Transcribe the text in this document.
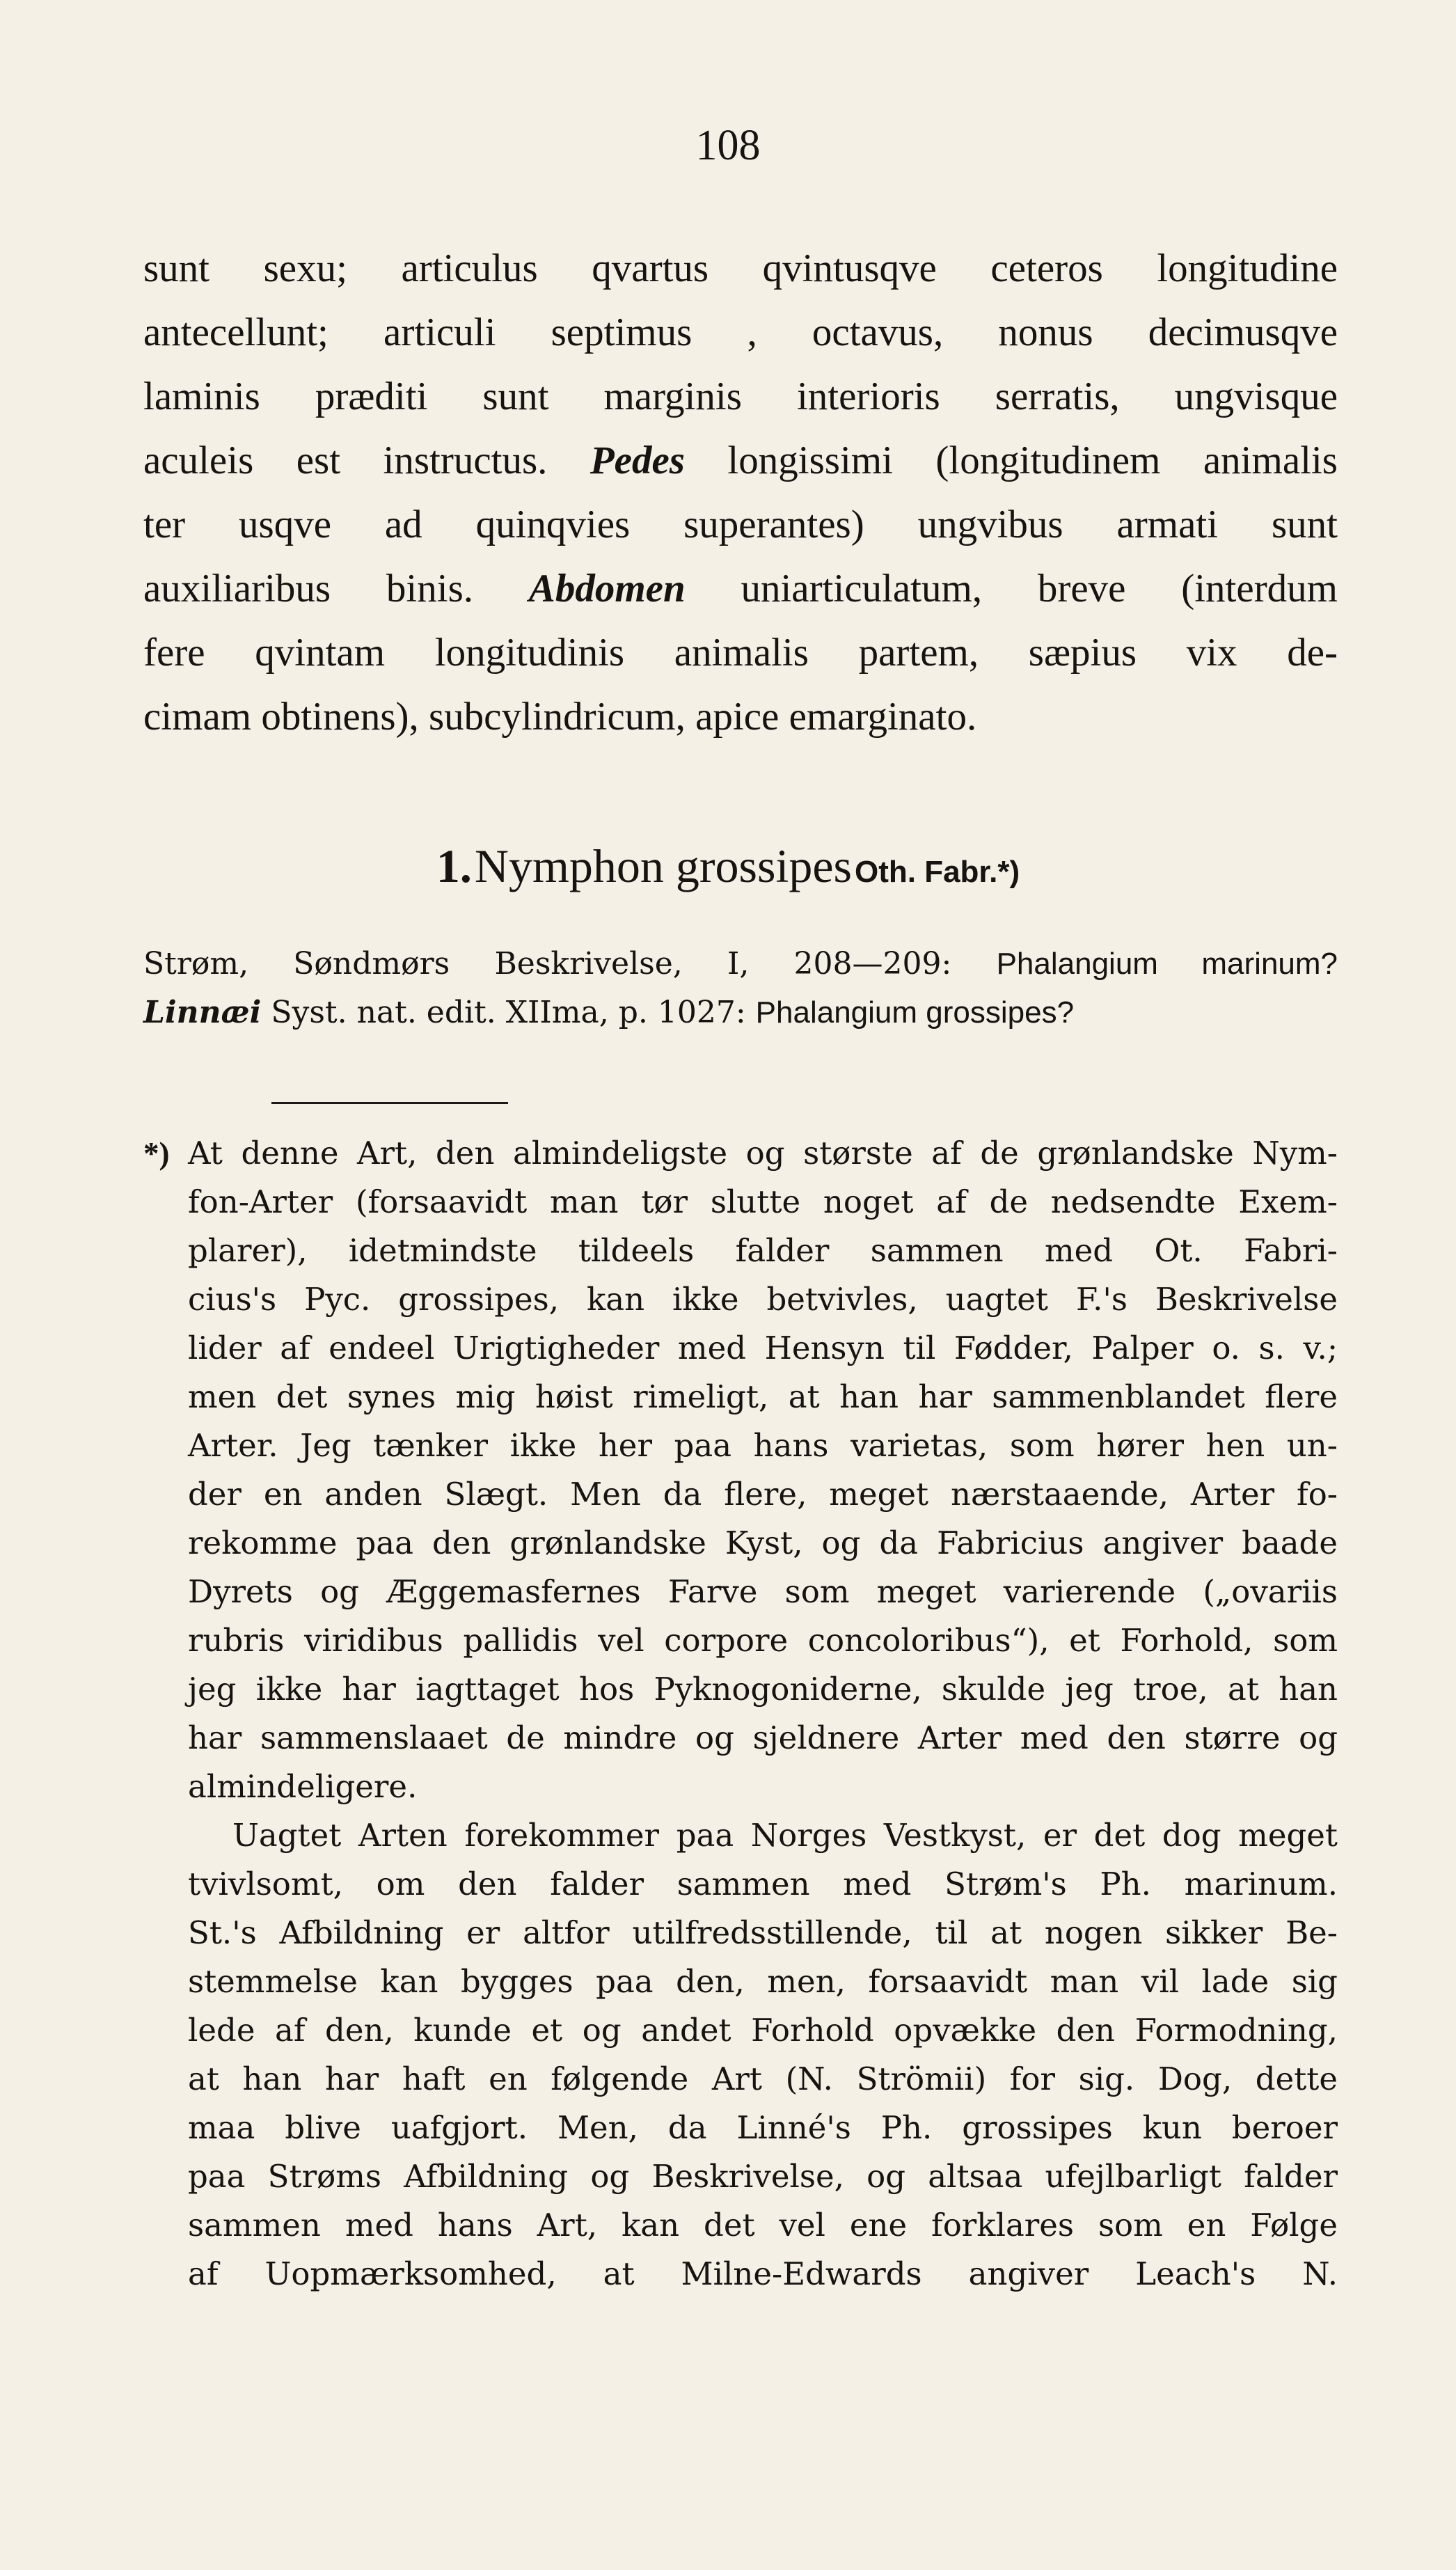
108
sunt sexu; articulus qvartus qvintusqve ceteros longitudine
antecellunt; articuli septimus , octavus, nonus decimusqve
laminis præditi sunt marginis interioris serratis, ungvisque
aculeis est instructus. Pedes longissimi (longitudinem animalis
ter usqve ad quinqvies superantes) ungvibus armati sunt
auxiliaribus binis. Abdomen uniarticulatum, breve (interdum
fere qvintam longitudinis animalis partem, sæpius vix de-
cimam obtinens), subcylindricum, apice emarginato.
1. Nymphon grossipes Oth. Fabr.*)
Strøm, Søndmørs Beskrivelse, I, 208—209: Phalangium marinum?
Linnæi Syst. nat. edit. XIIma, p. 1027: Phalangium grossipes?
*) At denne Art, den almindeligste og største af de grønlandske Nym-
fon-Arter (forsaavidt man tør slutte noget af de nedsendte Exem-
plarer), idetmindste tildeels falder sammen med Ot. Fabri-
cius's Pyc. grossipes, kan ikke betvivles, uagtet F.'s Beskrivelse
lider af endeel Urigtigheder med Hensyn til Fødder, Palper o. s. v.;
men det synes mig høist rimeligt, at han har sammenblandet flere
Arter. Jeg tænker ikke her paa hans varietas, som hører hen un-
der en anden Slægt. Men da flere, meget nærstaaende, Arter fo-
rekomme paa den grønlandske Kyst, og da Fabricius angiver baade
Dyrets og Æggemasfernes Farve som meget varierende („ovariis
rubris viridibus pallidis vel corpore concoloribus“), et Forhold, som
jeg ikke har iagttaget hos Pyknogoniderne, skulde jeg troe, at han
har sammenslaaet de mindre og sjeldnere Arter med den større og
almindeligere.
Uagtet Arten forekommer paa Norges Vestkyst, er det dog meget
tvivlsomt, om den falder sammen med Strøm's Ph. marinum.
St.'s Afbildning er altfor utilfredsstillende, til at nogen sikker Be-
stemmelse kan bygges paa den, men, forsaavidt man vil lade sig
lede af den, kunde et og andet Forhold opvække den Formodning,
at han har haft en følgende Art (N. Strömii) for sig. Dog, dette
maa blive uafgjort. Men, da Linné's Ph. grossipes kun beroer
paa Strøms Afbildning og Beskrivelse, og altsaa ufejlbarligt falder
sammen med hans Art, kan det vel ene forklares som en Følge
af Uopmærksomhed, at Milne-Edwards angiver Leach's N.
